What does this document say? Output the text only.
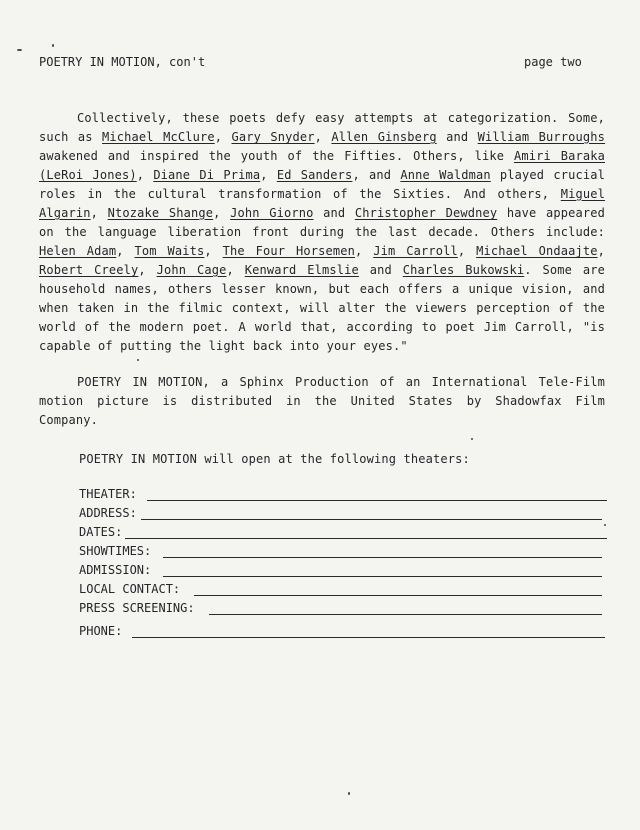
POETRY IN MOTION, con't	page two
Collectively, these poets defy easy attempts at categorization. Some, such as Michael McClure, Gary Snyder, Allen Ginsberg and William Burroughs awakened and inspired the youth of the Fifties. Others, like Amiri Baraka (LeRoi Jones), Diane Di Prima, Ed Sanders, and Anne Waldman played crucial roles in the cultural transformation of the Sixties. And others, Miguel Algarin, Ntozake Shange, John Giorno and Christopher Dewdney have appeared on the language liberation front during the last decade. Others include: Helen Adam, Tom Waits, The Four Horsemen, Jim Carroll, Michael Ondaajte, Robert Creely, John Cage, Kenward Elmslie and Charles Bukowski. Some are household names, others lesser known, but each offers a unique vision, and when taken in the filmic context, will alter the viewers perception of the world of the modern poet. A world that, according to poet Jim Carroll, "is capable of putting the light back into your eyes."
POETRY IN MOTION, a Sphinx Production of an International Tele-Film motion picture is distributed in the United States by Shadowfax Film Company.
POETRY IN MOTION will open at the following theaters:
THEATER:
ADDRESS:
DATES:
SHOWTIMES:
ADMISSION:
LOCAL CONTACT:
PRESS SCREENING:
PHONE:
